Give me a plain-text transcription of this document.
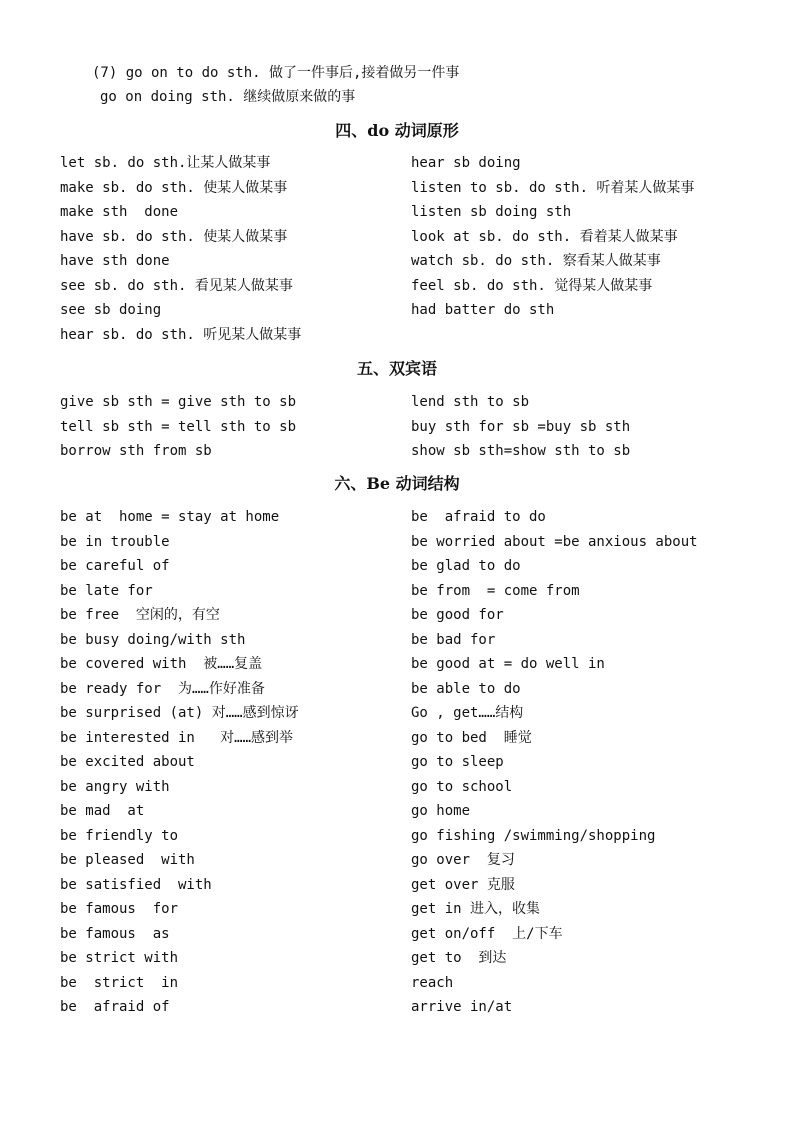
(7) go on to do sth. 做了一件事后,接着做另一件事
go on doing sth. 继续做原来做的事
四、do 动词原形
let sb. do sth.让某人做某事
make sb. do sth. 使某人做某事
make sth  done
have sb. do sth. 使某人做某事
have sth done
see sb. do sth. 看见某人做某事
see sb doing
hear sb. do sth. 听见某人做某事
hear sb doing
listen to sb. do sth. 听着某人做某事
listen sb doing sth
look at sb. do sth. 看着某人做某事
watch sb. do sth. 察看某人做某事
feel sb. do sth. 觉得某人做某事
had batter do sth
五、双宾语
give sb sth = give sth to sb
tell sb sth = tell sth to sb
borrow sth from sb
lend sth to sb
buy sth for sb =buy sb sth
show sb sth=show sth to sb
六、Be 动词结构
be at  home = stay at home
be in trouble
be careful of
be late for
be free  空闲的，有空
be busy doing/with sth
be covered with  被……复盖
be ready for  为……作好准备
be surprised (at) 对……感到惊讶
be interested in   对……感到举
be excited about
be angry with
be mad  at
be friendly to
be pleased  with
be satisfied  with
be famous  for
be famous  as
be strict with
be  strict  in
be  afraid of
be  afraid to do
be worried about =be anxious about
be glad to do
be from  = come from
be good for
be bad for
be good at = do well in
be able to do
Go , get……结构
go to bed  睡觉
go to sleep
go to school
go home
go fishing /swimming/shopping
go over  复习
get over 克服
get in 进入，收集
get on/off  上/下车
get to  到达
reach
arrive in/at
